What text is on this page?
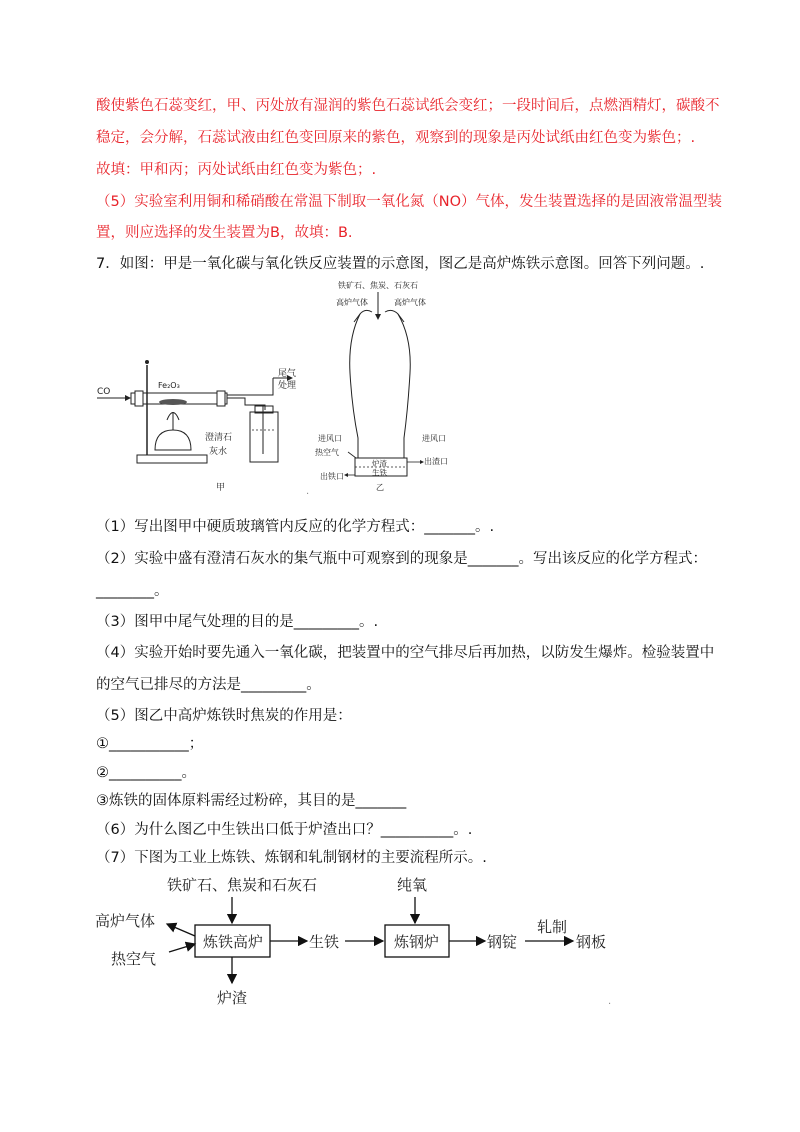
酸使紫色石蕊变红，甲、丙处放有湿润的紫色石蕊试纸会变红；一段时间后，点燃酒精灯，碳酸不
稳定，会分解，石蕊试液由红色变回原来的紫色，观察到的现象是丙处试纸由红色变为紫色；.
故填：甲和丙；丙处试纸由红色变为紫色；.
（5）实验室利用铜和稀硝酸在常温下制取一氧化氮（NO）气体，发生装置选择的是固液常温型装
置，则应选择的发生装置为B，故填：B.
7．如图：甲是一氧化碳与氧化铁反应装置的示意图，图乙是高炉炼铁示意图。回答下列问题。.
CO
Fe₂O₃
尾气
处理
澄清石
灰水
甲
铁矿石、焦炭、石灰石
高炉气体	高炉气体
炉渣
生铁
进风口	进风口
热空气
出渣口
出铁口
乙
.
（1）写出图甲中硬质玻璃管内反应的化学方程式：_______。.
（2）实验中盛有澄清石灰水的集气瓶中可观察到的现象是_______。写出该反应的化学方程式：
________。
（3）图甲中尾气处理的目的是_________。.
（4）实验开始时要先通入一氧化碳，把装置中的空气排尽后再加热，以防发生爆炸。检验装置中
的空气已排尽的方法是_________。
（5）图乙中高炉炼铁时焦炭的作用是：
①___________；
②__________。
③炼铁的固体原料需经过粉碎，其目的是_______
（6）为什么图乙中生铁出口低于炉渣出口？__________。.
（7）下图为工业上炼铁、炼钢和轧制钢材的主要流程所示。.
铁矿石、焦炭和石灰石
炼铁高炉
高炉气体
热空气
炉渣
生铁
纯氧
炼钢炉	钢锭
轧制
钢板
.
